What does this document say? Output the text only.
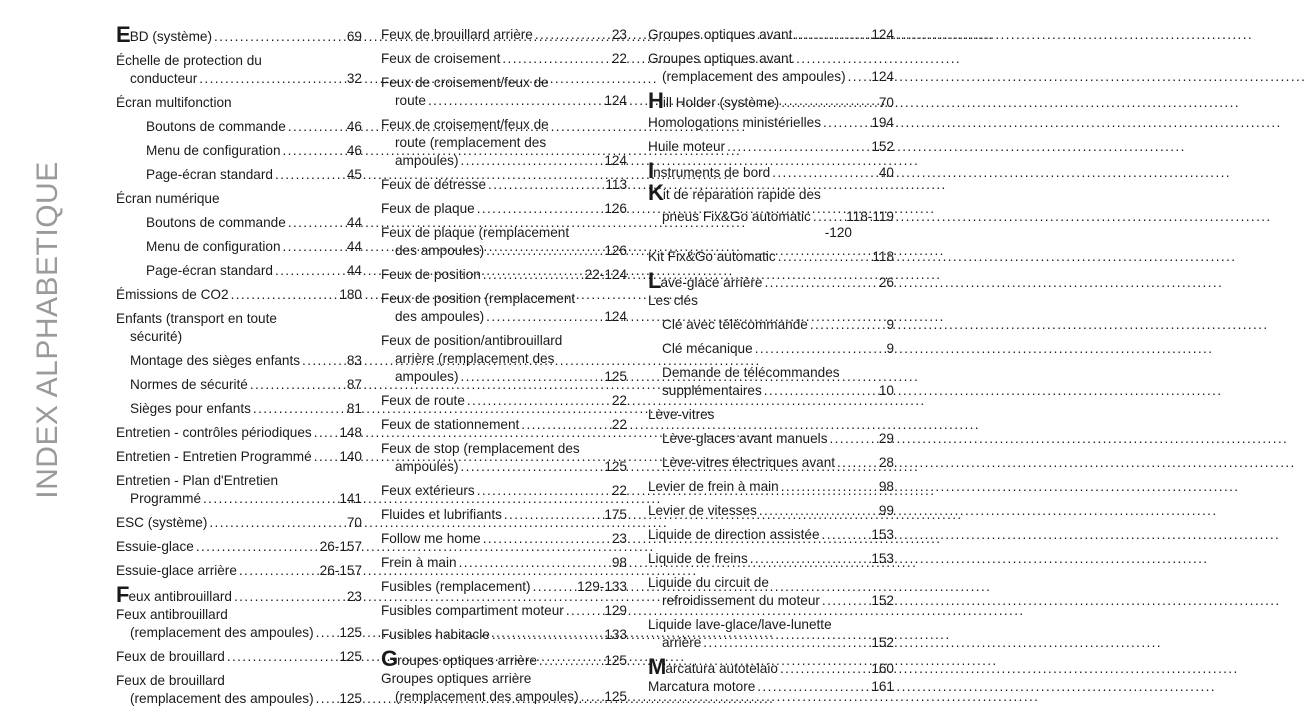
INDEX ALPHABETIQUE
EBD (système) . . .	69
Échelle de protection du
conducteur . . .	32
Écran multifonction
Boutons de commande . . .	46
Menu de configuration . . .	46
Page-écran standard . . .	45
Écran numérique
Boutons de commande . . .	44
Menu de configuration . . .	44
Page-écran standard . . .	44
Émissions de CO2 . . .	180
Enfants (transport en toute
sécurité)
Montage des sièges enfants . . .	83
Normes de sécurité . . .	87
Sièges pour enfants . . .	81
Entretien - contrôles périodiques . . . 148
Entretien - Entretien Programmé . . . 140
Entretien - Plan d'Entretien
Programmé . . .	141
ESC (système) . . .	70
Essuie-glace . . .	26-157
Essuie-glace arrière . . .	26-157
Feux antibrouillard . . .	23
Feux antibrouillard
(remplacement des ampoules) . . . 125
Feux de brouillard . . .	125
Feux de brouillard
(remplacement des ampoules) . . . 125
Feux de brouillard arrière . . .	23
Feux de croisement . . .	22
Feux de croisement/feux de
route . . .	124
Feux de croisement/feux de
route (remplacement des
ampoules) . . .	124
Feux de détresse . . .	113
Feux de plaque . . .	126
Feux de plaque (remplacement
des ampoules) . . .	126
Feux de position . . .	22-124
Feux de position (remplacement
des ampoules) . . .	124
Feux de position/antibrouillard
arrière (remplacement des
ampoules) . . .	125
Feux de route . . .	22
Feux de stationnement . . .	22
Feux de stop (remplacement des
ampoules) . . .	125
Feux extérieurs . . .	22
Fluides et lubrifiants . . .	175
Follow me home . . .	23
Frein à main . . .	98
Fusibles (remplacement) . . .	129-133
Fusibles compartiment moteur . . .	129
Fusibles habitacle . . .	133
Groupes optiques arrière . . .	125
Groupes optiques arrière
(remplacement des ampoules) . . . 125
Groupes optiques avant . . .	124
Groupes optiques avant
(remplacement des ampoules) . . . 124
Hill Holder (système) . . .	70
Homologations ministérielles . . .	194
Huile moteur . . .	152
Instruments de bord . . .	40
Kit de réparation rapide des
pneus Fix&Go automatic . . .	118-119
-120
Kit Fix&Go automatic . . .	118
Lave-glace arrière . . .	26
Les clés
Clé avec télécommande . . .	9
Clé mécanique . . .	9
Demande de télécommandes
supplémentaires . . .	10
Lève-vitres
Lève-glaces avant manuels . . .	29
Lève-vitres électriques avant . . .	28
Levier de frein à main . . .	98
Levier de vitesses . . .	99
Liquide de direction assistée . . .	153
Liquide de freins . . .	153
Liquide du circuit de
refroidissement du moteur . . .	152
Liquide lave-glace/lave-lunette
arrière . . .	152
Marcatura autotelaio . . .	160
Marcatura motore . . .	161
